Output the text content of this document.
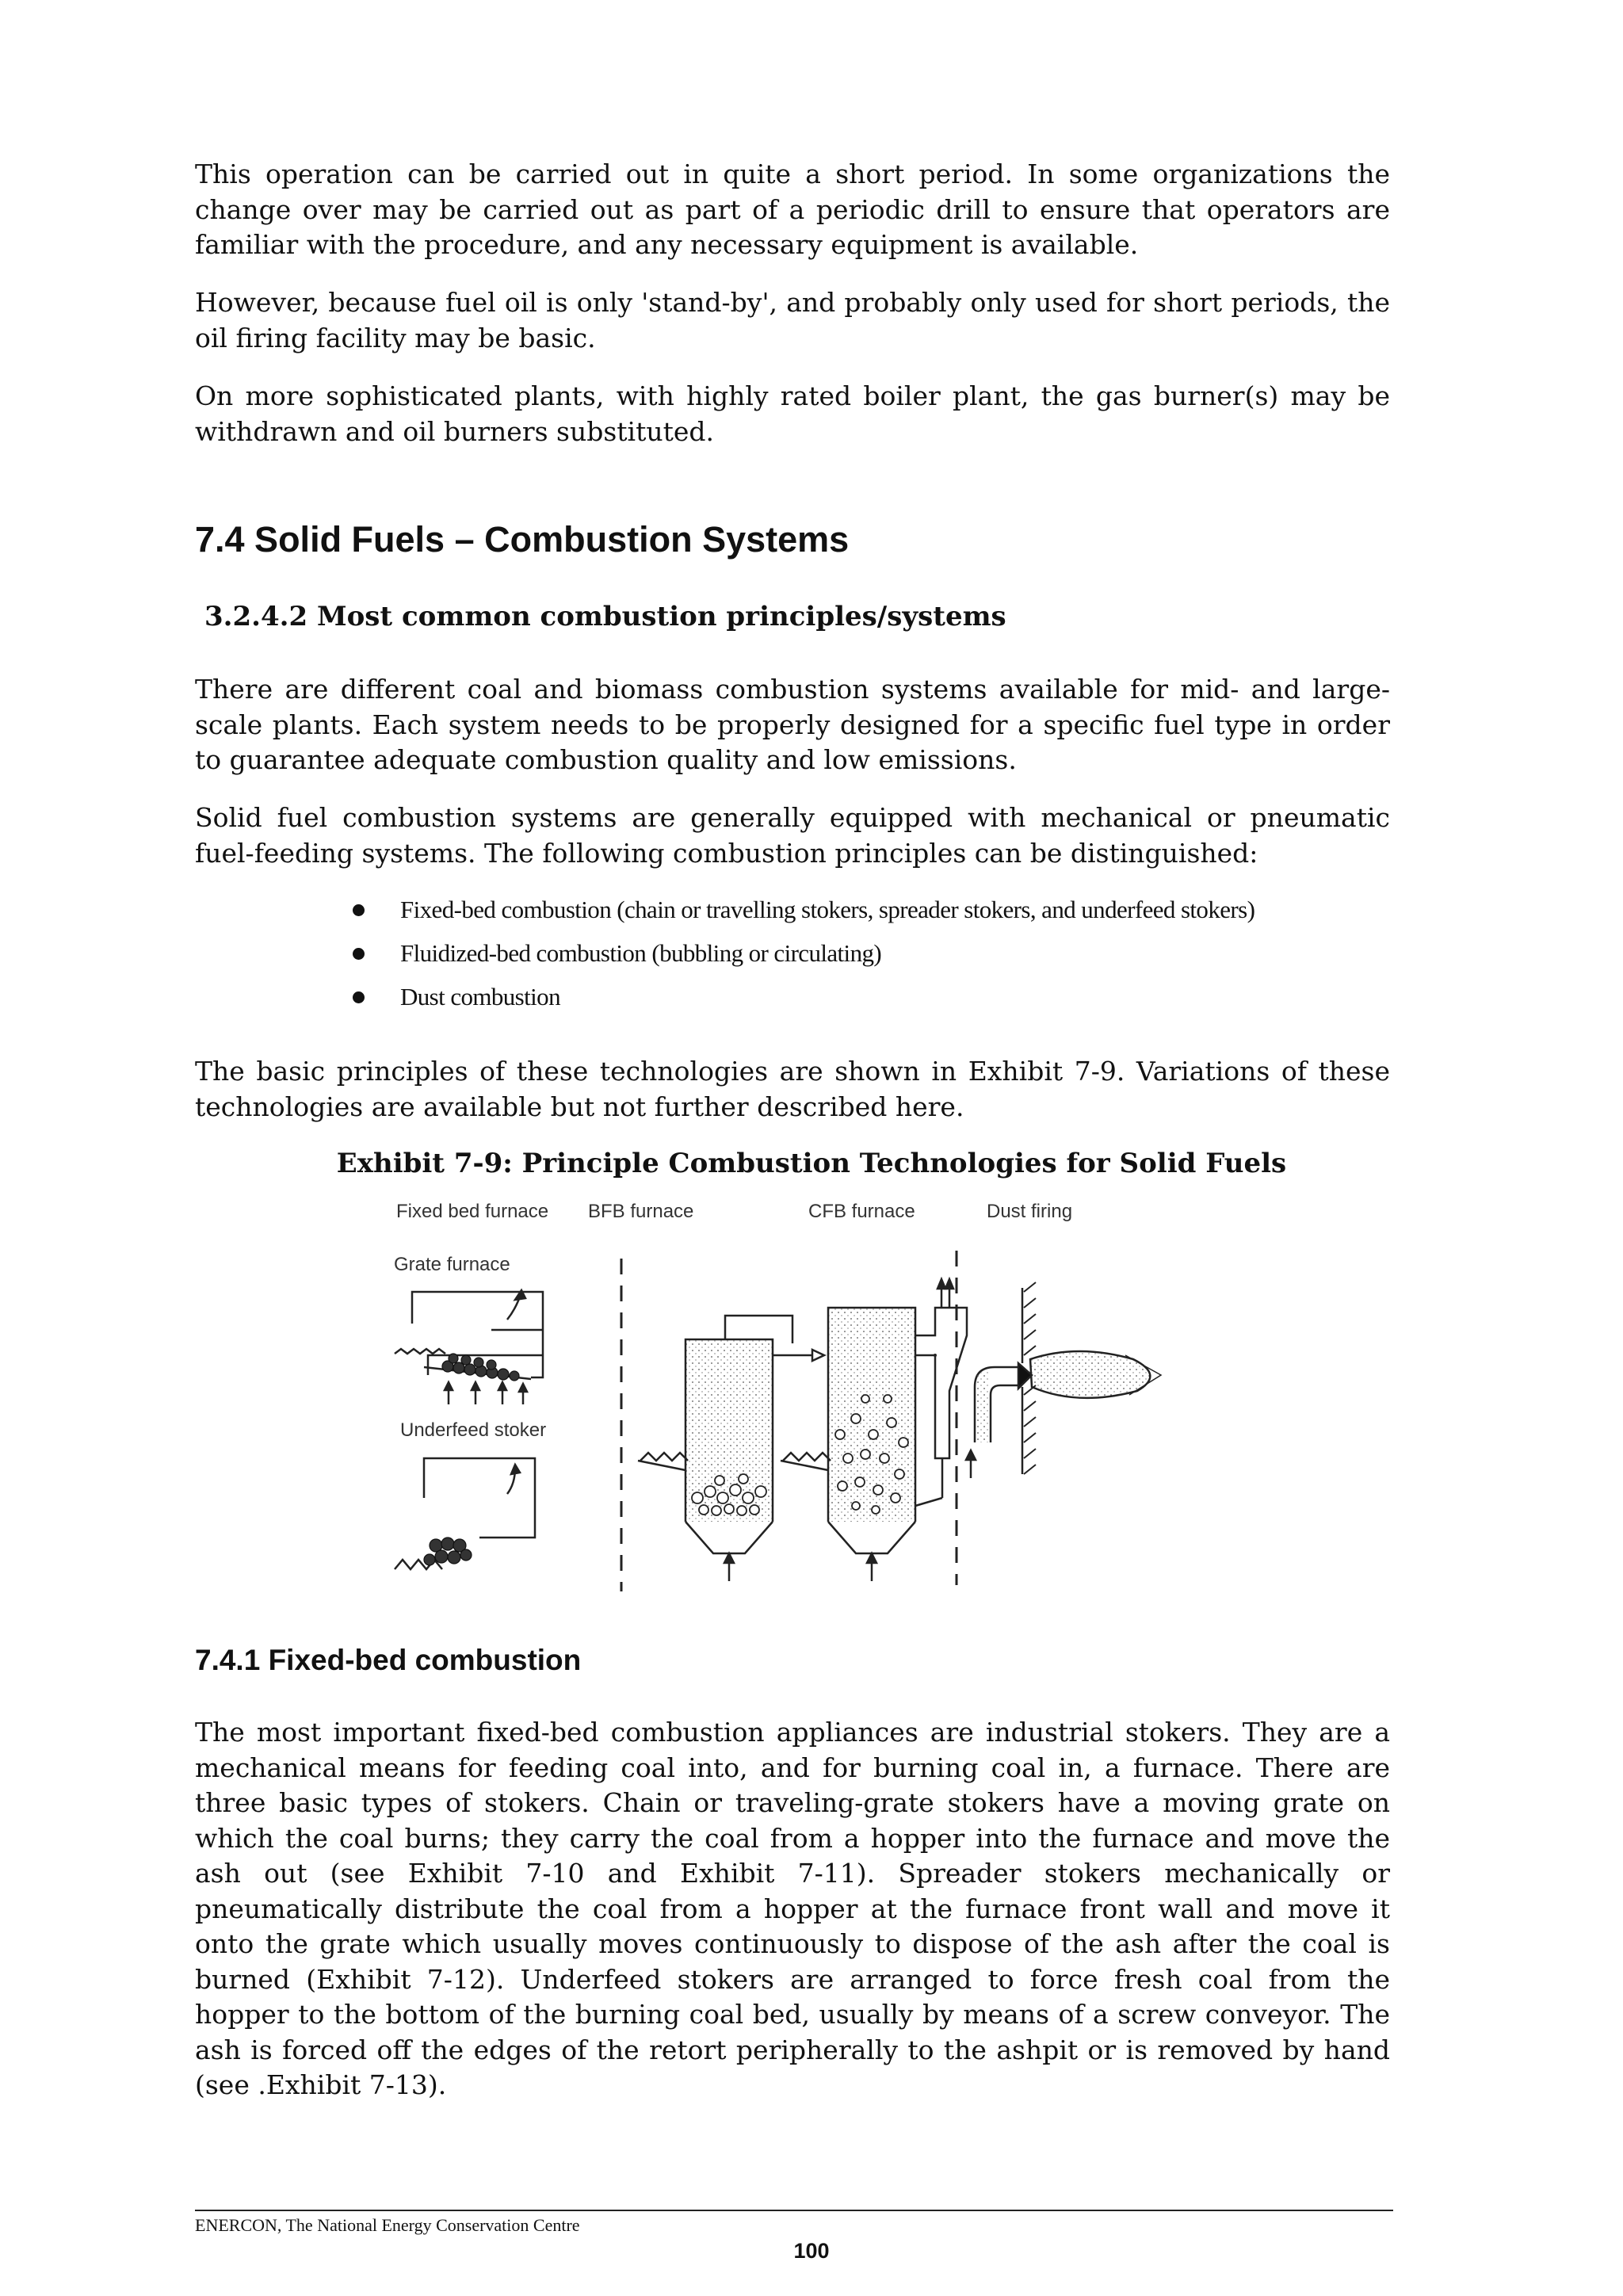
This operation can be carried out in quite a short period. In some organizations the change over may be carried out as part of a periodic drill to ensure that operators are familiar with the procedure, and any necessary equipment is available.

However, because fuel oil is only 'stand-by', and probably only used for short periods, the oil firing facility may be basic.

On more sophisticated plants, with highly rated boiler plant, the gas burner(s) may be withdrawn and oil burners substituted.

7.4 Solid Fuels – Combustion Systems
3.2.4.2 Most common combustion principles/systems

There are different coal and biomass combustion systems available for mid- and large-scale plants. Each system needs to be properly designed for a specific fuel type in order to guarantee adequate combustion quality and low emissions.

Solid fuel combustion systems are generally equipped with mechanical or pneumatic fuel-feeding systems. The following combustion principles can be distinguished:

Fixed-bed combustion (chain or travelling stokers, spreader stokers, and underfeed stokers)
Fluidized-bed combustion (bubbling or circulating)
Dust combustion

The basic principles of these technologies are shown in Exhibit 7-9. Variations of these technologies are available but not further described here.

Exhibit 7-9: Principle Combustion Technologies for Solid Fuels

Fixed bed furnace BFB furnace	CFB furnace	Dust firing
Grate furnace
Underfeed stoker
7.4.1 Fixed-bed combustion

The most important fixed-bed combustion appliances are industrial stokers. They are a mechanical means for feeding coal into, and for burning coal in, a furnace. There are three basic types of stokers. Chain or traveling-grate stokers have a moving grate on which the coal burns; they carry the coal from a hopper into the furnace and move the ash out (see Exhibit 7-10 and Exhibit 7-11). Spreader stokers mechanically or pneumatically distribute the coal from a hopper at the furnace front wall and move it onto the grate which usually moves continuously to dispose of the ash after the coal is burned (Exhibit 7-12). Underfeed stokers are arranged to force fresh coal from the hopper to the bottom of the burning coal bed, usually by means of a screw conveyor. The ash is forced off the edges of the retort peripherally to the ashpit or is removed by hand (see .Exhibit 7-13).

ENERCON, The National Energy Conservation Centre

100
